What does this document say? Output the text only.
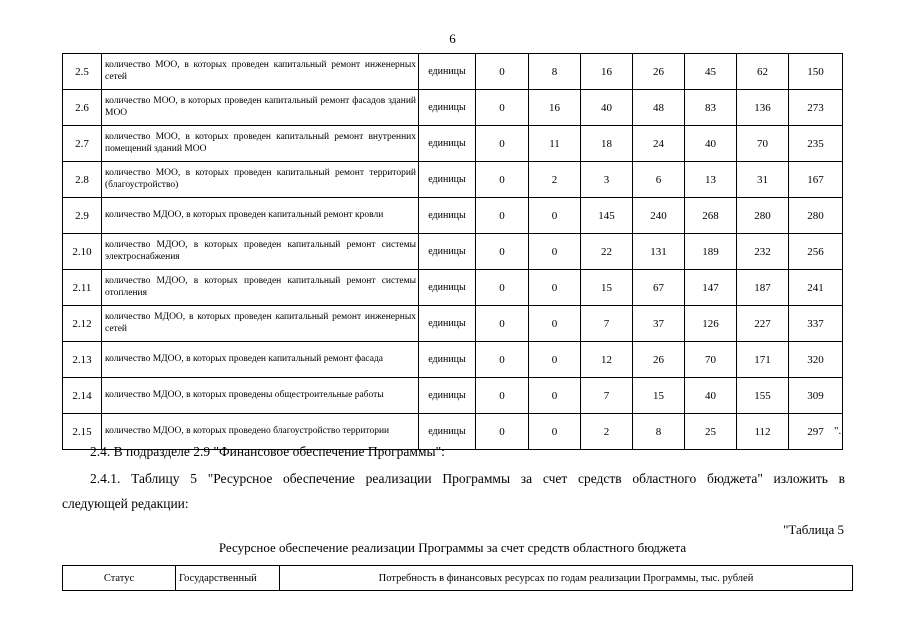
6
2.5	количество МОО, в которых проведен капитальный ремонт инженерных сетей	единицы	0	8	16	26	45	62	150
2.6	количество МОО, в которых проведен капитальный ремонт фасадов зданий МОО	единицы	0	16	40	48	83	136	273
2.7	количество МОО, в которых проведен капитальный ремонт внутренних помещений зданий МОО	единицы	0	11	18	24	40	70	235
2.8	количество МОО, в которых проведен капитальный ремонт территорий (благоустройство)	единицы	0	2	3	6	13	31	167
2.9	количество МДОО, в которых проведен капитальный ремонт кровли	единицы	0	0	145	240	268	280	280
2.10	количество МДОО, в которых проведен капитальный ремонт системы электроснабжения	единицы	0	0	22	131	189	232	256
2.11	количество МДОО, в которых проведен капитальный ремонт системы отопления	единицы	0	0	15	67	147	187	241
2.12	количество МДОО, в которых проведен капитальный ремонт инженерных сетей	единицы	0	0	7	37	126	227	337
2.13	количество МДОО, в которых проведен капитальный ремонт фасада	единицы	0	0	12	26	70	171	320
2.14	количество МДОО, в которых проведены общестроительные работы	единицы	0	0	7	15	40	155	309
2.15	количество МДОО, в которых проведено благоустройство территории	единицы	0	0	2	8	25	112	297 ".

2.4. В подразделе 2.9 "Финансовое обеспечение Программы":

2.4.1. Таблицу 5 "Ресурсное обеспечение реализации Программы за счет средств областного бюджета" изложить в

следующей редакции:

"Таблица 5
Ресурсное обеспечение реализации Программы за счет средств областного бюджета
Статус	Государственный	Потребность в финансовых ресурсах по годам реализации Программы, тыс. рублей
